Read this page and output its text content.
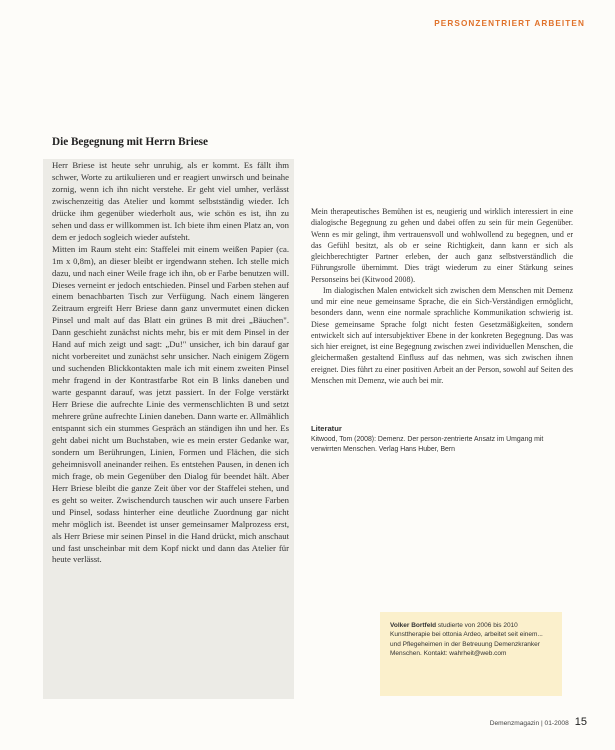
PERSONZENTRIERT ARBEITEN
Die Begegnung mit Herrn Briese

Herr Briese ist heute sehr unruhig, als er kommt. Es fällt ihm schwer, Worte zu artikulieren und er reagiert unwirsch und beinahe zornig, wenn ich ihn nicht verstehe. Er geht viel umher, verlässt zwischenzeitig das Atelier und kommt selbstständig wieder. Ich drücke ihm gegenüber wiederholt aus, wie schön es ist, ihn zu sehen und dass er willkommen ist. Ich biete ihm einen Platz an, von dem er jedoch sogleich wieder aufsteht.

Mitten im Raum steht ein: Staffelei mit einem weißen Papier (ca. 1m x 0,8m), an dieser bleibt er irgendwann stehen. Ich stelle mich dazu, und nach einer Weile frage ich ihn, ob er Farbe benutzen will. Dieses verneint er jedoch entschieden. Pinsel und Farben stehen auf einem benachbarten Tisch zur Verfügung. Nach einem längeren Zeitraum ergreift Herr Briese dann ganz unvermutet einen dicken Pinsel und malt auf das Blatt ein grünes B mit drei „Bäuchen". Dann geschieht zunächst nichts mehr, bis er mit dem Pinsel in der Hand auf mich zeigt und sagt: „Du!" unsicher, ich bin darauf gar nicht vorbereitet und zunächst sehr unsicher. Nach einigem Zögern und suchenden Blickkontakten male ich mit einem zweiten Pinsel mehr fragend in der Kontrastfarbe Rot ein B links daneben und warte gespannt darauf, was jetzt passiert. In der Folge verstärkt Herr Briese die aufrechte Linie des vermenschlichten B und setzt mehrere grüne aufrechte Linien daneben. Dann warte er. Allmählich entspannt sich ein stummes Gespräch an ständigen ihn und her. Es geht dabei nicht um Buchstaben, wie es mein erster Gedanke war, sondern um Berührungen, Linien, Formen und Flächen, die sich geheimnisvoll aneinander reihen. Es entstehen Pausen, in denen ich mich frage, ob mein Gegenüber den Dialog für beendet hält. Aber Herr Briese bleibt die ganze Zeit über vor der Staffelei stehen, und es geht so weiter. Zwischendurch tauschen wir auch unsere Farben und Pinsel, sodass hinterher eine deutliche Zuordnung gar nicht mehr möglich ist. Beendet ist unser gemeinsamer Malprozess erst, als Herr Briese mir seinen Pinsel in die Hand drückt, mich anschaut und fast unscheinbar mit dem Kopf nickt und dann das Atelier für heute verlässt.

Mein therapeutisches Bemühen ist es, neugierig und wirklich interessiert in eine dialogische Begegnung zu gehen und dabei offen zu sein für mein Gegenüber. Wenn es mir gelingt, ihm vertrauensvoll und wohlwollend zu begegnen, und er das Gefühl besitzt, als ob er seine Richtigkeit, dann kann er sich als gleichberechtigter Partner erleben, der auch ganz selbstverständlich die Führungsrolle übernimmt. Dies trägt wiederum zu einer Stärkung seines Personseins bei (Kitwood 2008).

Im dialogischen Malen entwickelt sich zwischen dem Menschen mit Demenz und mir eine neue gemeinsame Sprache, die ein Sich-Verständigen ermöglicht, besonders dann, wenn eine normale sprachliche Kommunikation schwierig ist. Diese gemeinsame Sprache folgt nicht festen Gesetzmäßigkeiten, sondern entwickelt sich auf intersubjektiver Ebene in der konkreten Begegnung. Das was sich hier ereignet, ist eine Begegnung zwischen zwei individuellen Menschen, die gleichermaßen gestaltend Einfluss auf das nehmen, was sich zwischen ihnen ereignet. Dies führt zu einer positiven Arbeit an der Person, sowohl auf Seiten des Menschen mit Demenz, wie auch bei mir.

Literatur

Kitwood, Tom (2008): Demenz. Der person-zentrierte Ansatz im Umgang mit verwirrten Menschen. Verlag Hans Huber, Bern

Volker Bortfeld studierte von 2006 bis 2010 Kunsttherapie bei ottonia Ardeo, arbeitet seit einem... und Pflegeheimen in der Betreuung Demenzkranker Menschen. Kontakt: wahrheit@web.com
Demenzmagazin | 01-2008 15
